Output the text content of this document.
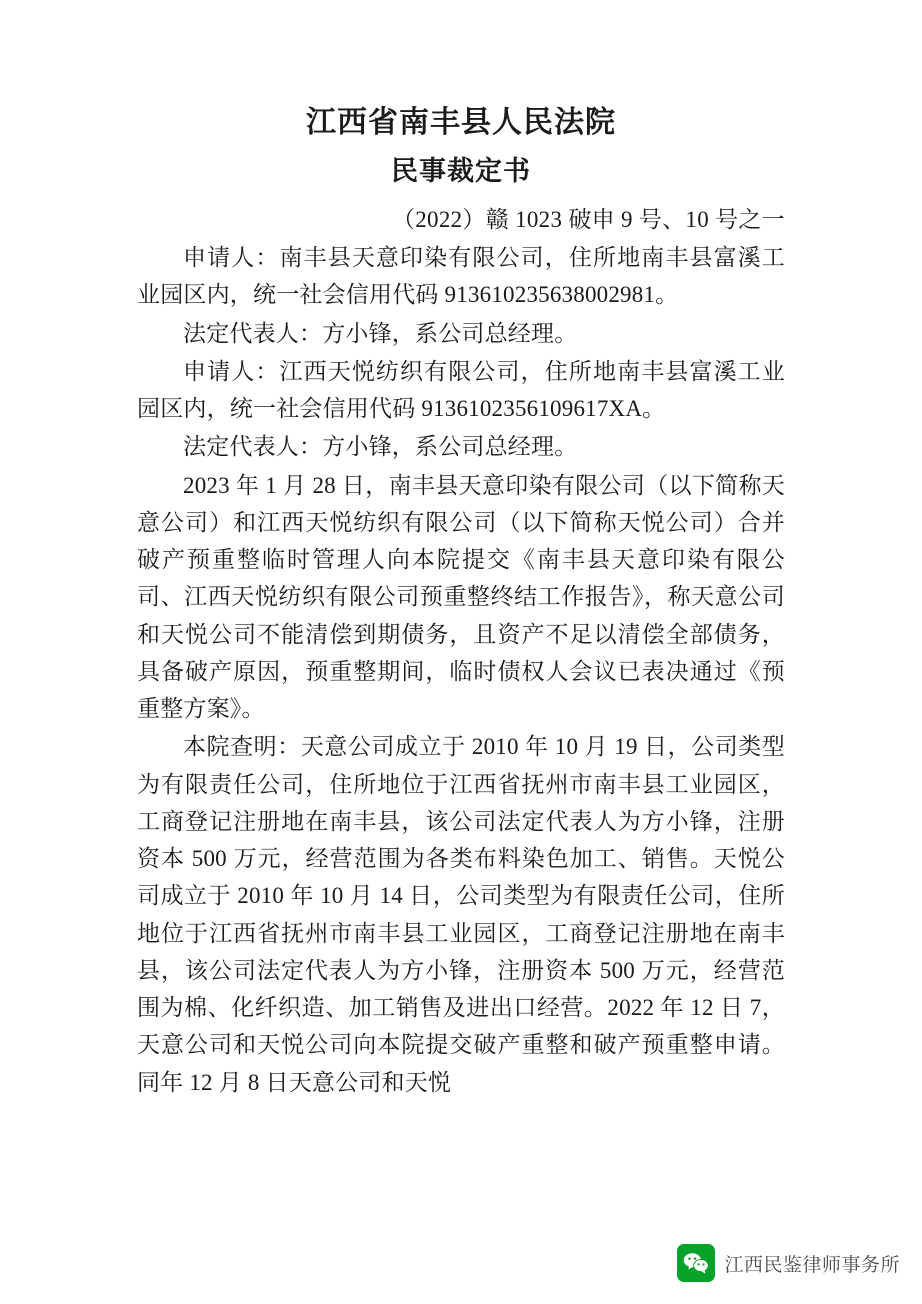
江西省南丰县人民法院
民事裁定书

（2022）赣 1023 破申 9 号、10 号之一

申请人：南丰县天意印染有限公司，住所地南丰县富溪工业园区内，统一社会信用代码 913610235638002981。

法定代表人：方小锋，系公司总经理。

申请人：江西天悦纺织有限公司，住所地南丰县富溪工业园区内，统一社会信用代码 9136102356109617XA。

法定代表人：方小锋，系公司总经理。

2023 年 1 月 28 日，南丰县天意印染有限公司（以下简称天意公司）和江西天悦纺织有限公司（以下简称天悦公司）合并破产预重整临时管理人向本院提交《南丰县天意印染有限公司、江西天悦纺织有限公司预重整终结工作报告》，称天意公司和天悦公司不能清偿到期债务，且资产不足以清偿全部债务，具备破产原因，预重整期间，临时债权人会议已表决通过《预重整方案》。

本院查明：天意公司成立于 2010 年 10 月 19 日，公司类型为有限责任公司，住所地位于江西省抚州市南丰县工业园区，工商登记注册地在南丰县，该公司法定代表人为方小锋，注册资本 500 万元，经营范围为各类布料染色加工、销售。天悦公司成立于 2010 年 10 月 14 日，公司类型为有限责任公司，住所地位于江西省抚州市南丰县工业园区，工商登记注册地在南丰县，该公司法定代表人为方小锋，注册资本 500 万元，经营范围为棉、化纤织造、加工销售及进出口经营。2022 年 12 日 7，天意公司和天悦公司向本院提交破产重整和破产预重整申请。同年 12 月 8 日天意公司和天悦

江西民鉴律师事务所
